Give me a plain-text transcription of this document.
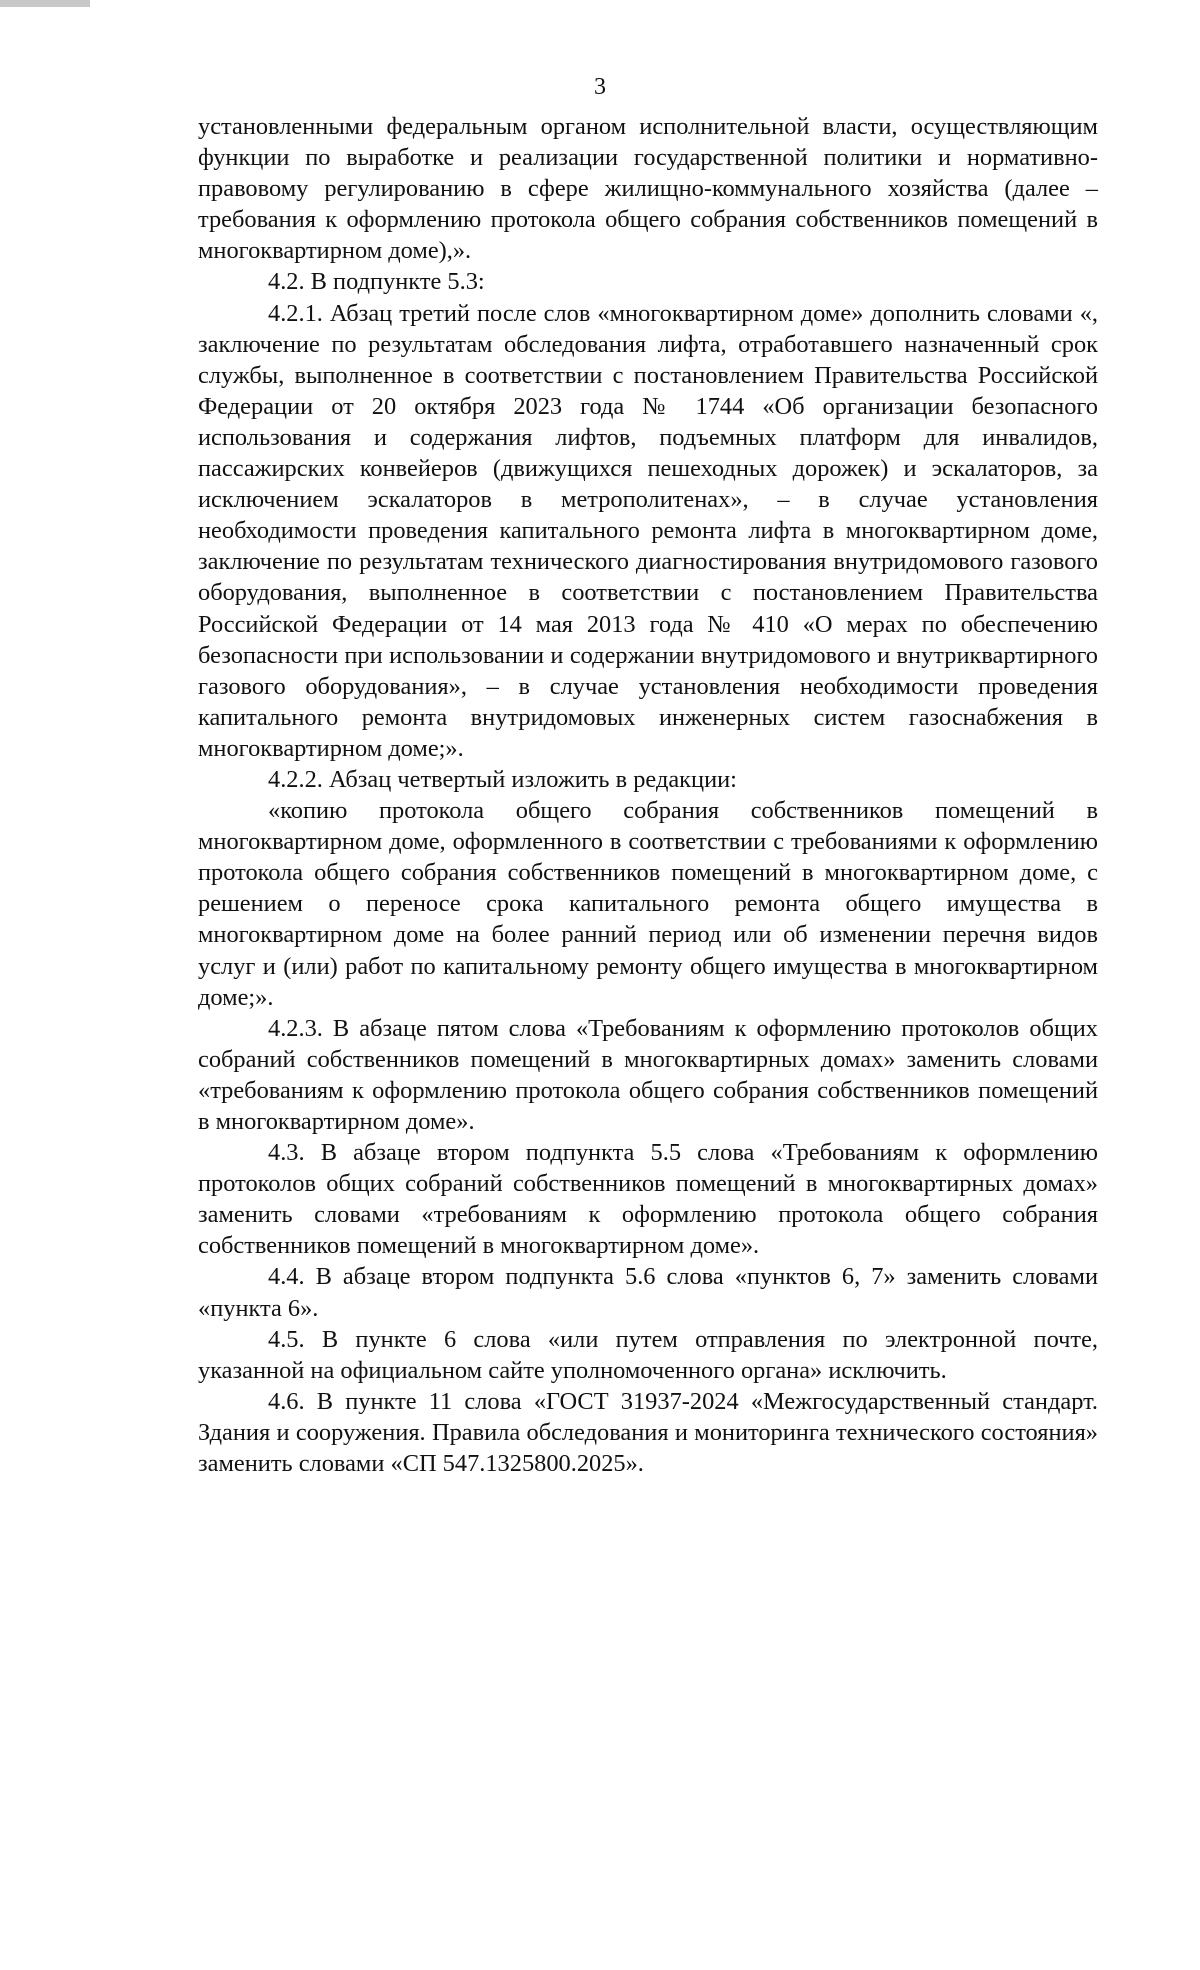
3

установленными федеральным органом исполнительной власти, осуществляющим функции по выработке и реализации государственной политики и нормативно-правовому регулированию в сфере жилищно-коммунального хозяйства (далее – требования к оформлению протокола общего собрания собственников помещений в многоквартирном доме),».

4.2. В подпункте 5.3:

4.2.1. Абзац третий после слов «многоквартирном доме» дополнить словами «, заключение по результатам обследования лифта, отработавшего назначенный срок службы, выполненное в соответствии с постановлением Правительства Российской Федерации от 20 октября 2023 года № 1744 «Об организации безопасного использования и содержания лифтов, подъемных платформ для инвалидов, пассажирских конвейеров (движущихся пешеходных дорожек) и эскалаторов, за исключением эскалаторов в метрополитенах», – в случае установления необходимости проведения капитального ремонта лифта в многоквартирном доме, заключение по результатам технического диагностирования внутридомового газового оборудования, выполненное в соответствии с постановлением Правительства Российской Федерации от 14 мая 2013 года № 410 «О мерах по обеспечению безопасности при использовании и содержании внутридомового и внутриквартирного газового оборудования», – в случае установления необходимости проведения капитального ремонта внутридомовых инженерных систем газоснабжения в многоквартирном доме;».

4.2.2. Абзац четвертый изложить в редакции:

«копию протокола общего собрания собственников помещений в многоквартирном доме, оформленного в соответствии с требованиями к оформлению протокола общего собрания собственников помещений в многоквартирном доме, с решением о переносе срока капитального ремонта общего имущества в многоквартирном доме на более ранний период или об изменении перечня видов услуг и (или) работ по капитальному ремонту общего имущества в многоквартирном доме;».

4.2.3. В абзаце пятом слова «Требованиям к оформлению протоколов общих собраний собственников помещений в многоквартирных домах» заменить словами «требованиям к оформлению протокола общего собрания собственников помещений в многоквартирном доме».

4.3. В абзаце втором подпункта 5.5 слова «Требованиям к оформлению протоколов общих собраний собственников помещений в многоквартирных домах» заменить словами «требованиям к оформлению протокола общего собрания собственников помещений в многоквартирном доме».

4.4. В абзаце втором подпункта 5.6 слова «пунктов 6, 7» заменить словами «пункта 6».

4.5. В пункте 6 слова «или путем отправления по электронной почте, указанной на официальном сайте уполномоченного органа» исключить.

4.6. В пункте 11 слова «ГОСТ 31937-2024 «Межгосударственный стандарт. Здания и сооружения. Правила обследования и мониторинга технического состояния» заменить словами «СП 547.1325800.2025».
